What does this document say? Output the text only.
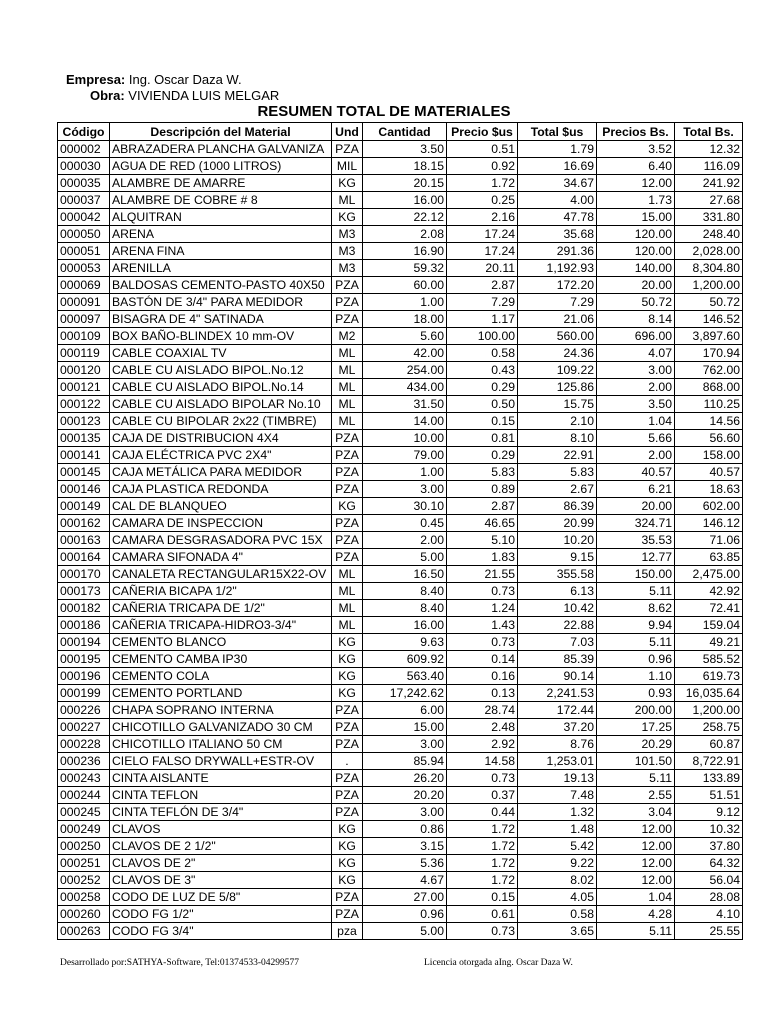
Empresa: Ing. Oscar Daza W.
Obra: VIVIENDA LUIS MELGAR
RESUMEN TOTAL DE MATERIALES
Código	Descripción del Material	Und	Cantidad	Precio $us	Total $us	Precios Bs.	Total Bs.
000002	ABRAZADERA PLANCHA GALVANIZA	PZA	3.50	0.51	1.79	3.52	12.32
000030	AGUA DE RED (1000 LITROS)	MIL	18.15	0.92	16.69	6.40	116.09
000035	ALAMBRE DE AMARRE	KG	20.15	1.72	34.67	12.00	241.92
000037	ALAMBRE DE COBRE # 8	ML	16.00	0.25	4.00	1.73	27.68
000042	ALQUITRAN	KG	22.12	2.16	47.78	15.00	331.80
000050	ARENA	M3	2.08	17.24	35.68	120.00	248.40
000051	ARENA FINA	M3	16.90	17.24	291.36	120.00	2,028.00
000053	ARENILLA	M3	59.32	20.11	1,192.93	140.00	8,304.80
000069	BALDOSAS CEMENTO-PASTO 40X50	PZA	60.00	2.87	172.20	20.00	1,200.00
000091	BASTÓN DE 3/4" PARA MEDIDOR	PZA	1.00	7.29	7.29	50.72	50.72
000097	BISAGRA DE 4" SATINADA	PZA	18.00	1.17	21.06	8.14	146.52
000109	BOX BAÑO-BLINDEX 10 mm-OV	M2	5.60	100.00	560.00	696.00	3,897.60
000119	CABLE COAXIAL TV	ML	42.00	0.58	24.36	4.07	170.94
000120	CABLE CU AISLADO BIPOL.No.12	ML	254.00	0.43	109.22	3.00	762.00
000121	CABLE CU AISLADO BIPOL.No.14	ML	434.00	0.29	125.86	2.00	868.00
000122	CABLE CU AISLADO BIPOLAR No.10	ML	31.50	0.50	15.75	3.50	110.25
000123	CABLE CU BIPOLAR 2x22 (TIMBRE)	ML	14.00	0.15	2.10	1.04	14.56
000135	CAJA DE DISTRIBUCION 4X4	PZA	10.00	0.81	8.10	5.66	56.60
000141	CAJA ELÉCTRICA PVC 2X4"	PZA	79.00	0.29	22.91	2.00	158.00
000145	CAJA METÁLICA PARA MEDIDOR	PZA	1.00	5.83	5.83	40.57	40.57
000146	CAJA PLASTICA REDONDA	PZA	3.00	0.89	2.67	6.21	18.63
000149	CAL DE BLANQUEO	KG	30.10	2.87	86.39	20.00	602.00
000162	CAMARA DE INSPECCION	PZA	0.45	46.65	20.99	324.71	146.12
000163	CAMARA DESGRASADORA PVC 15X	PZA	2.00	5.10	10.20	35.53	71.06
000164	CAMARA SIFONADA 4"	PZA	5.00	1.83	9.15	12.77	63.85
000170	CANALETA RECTANGULAR15X22-OV	ML	16.50	21.55	355.58	150.00	2,475.00
000173	CAÑERIA BICAPA 1/2"	ML	8.40	0.73	6.13	5.11	42.92
000182	CAÑERIA TRICAPA DE 1/2"	ML	8.40	1.24	10.42	8.62	72.41
000186	CAÑERIA TRICAPA-HIDRO3-3/4"	ML	16.00	1.43	22.88	9.94	159.04
000194	CEMENTO BLANCO	KG	9.63	0.73	7.03	5.11	49.21
000195	CEMENTO CAMBA IP30	KG	609.92	0.14	85.39	0.96	585.52
000196	CEMENTO COLA	KG	563.40	0.16	90.14	1.10	619.73
000199	CEMENTO PORTLAND	KG	17,242.62	0.13	2,241.53	0.93	16,035.64
000226	CHAPA SOPRANO INTERNA	PZA	6.00	28.74	172.44	200.00	1,200.00
000227	CHICOTILLO GALVANIZADO 30 CM	PZA	15.00	2.48	37.20	17.25	258.75
000228	CHICOTILLO ITALIANO 50 CM	PZA	3.00	2.92	8.76	20.29	60.87
000236	CIELO FALSO DRYWALL+ESTR-OV	.	85.94	14.58	1,253.01	101.50	8,722.91
000243	CINTA AISLANTE	PZA	26.20	0.73	19.13	5.11	133.89
000244	CINTA TEFLON	PZA	20.20	0.37	7.48	2.55	51.51
000245	CINTA TEFLÓN DE 3/4"	PZA	3.00	0.44	1.32	3.04	9.12
000249	CLAVOS	KG	0.86	1.72	1.48	12.00	10.32
000250	CLAVOS DE 2 1/2"	KG	3.15	1.72	5.42	12.00	37.80
000251	CLAVOS DE 2"	KG	5.36	1.72	9.22	12.00	64.32
000252	CLAVOS DE 3"	KG	4.67	1.72	8.02	12.00	56.04
000258	CODO DE LUZ DE 5/8"	PZA	27.00	0.15	4.05	1.04	28.08
000260	CODO FG 1/2"	PZA	0.96	0.61	0.58	4.28	4.10
000263	CODO FG 3/4"	pza	5.00	0.73	3.65	5.11	25.55
Desarrollado por:SATHYA-Software, Tel:01374533-04299577	Licencia otorgada aIng. Oscar Daza W.
